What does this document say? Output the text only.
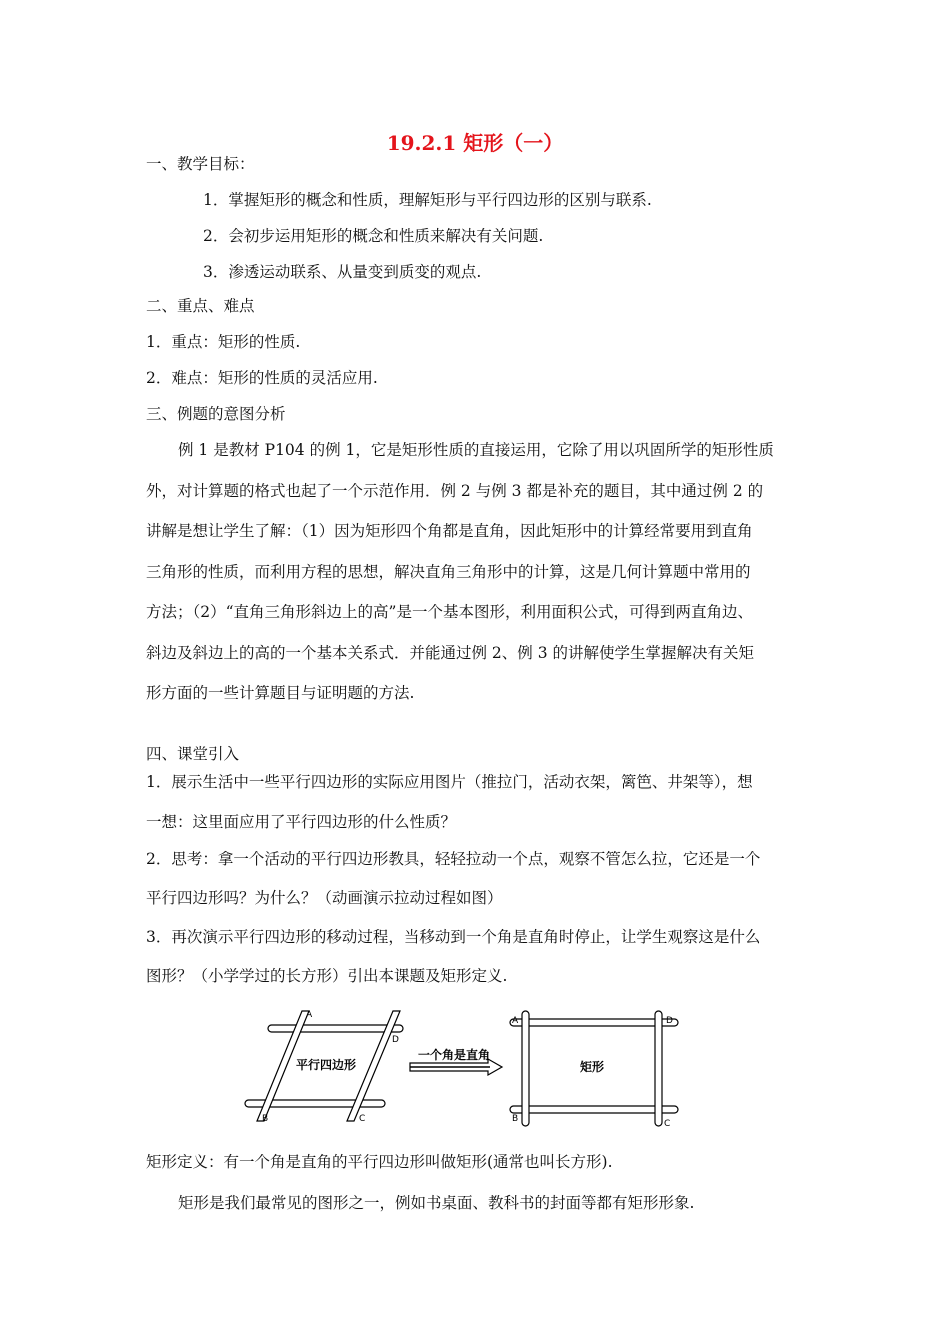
19.2.1 矩形（一）
一、教学目标：
1．掌握矩形的概念和性质，理解矩形与平行四边形的区别与联系.
2．会初步运用矩形的概念和性质来解决有关问题.
3．渗透运动联系、从量变到质变的观点.
二、重点、难点
1．重点：矩形的性质.
2．难点：矩形的性质的灵活应用.
三、例题的意图分析
例 1 是教材 P104 的例 1，它是矩形性质的直接运用，它除了用以巩固所学的矩形性质
外，对计算题的格式也起了一个示范作用．例 2 与例 3 都是补充的题目，其中通过例 2 的
讲解是想让学生了解：（1）因为矩形四个角都是直角，因此矩形中的计算经常要用到直角
三角形的性质，而利用方程的思想，解决直角三角形中的计算，这是几何计算题中常用的
方法；（2）“直角三角形斜边上的高”是一个基本图形，利用面积公式，可得到两直角边、
斜边及斜边上的高的一个基本关系式．并能通过例 2、例 3 的讲解使学生掌握解决有关矩
形方面的一些计算题目与证明题的方法.
四、课堂引入
1．展示生活中一些平行四边形的实际应用图片（推拉门，活动衣架，篱笆、井架等），想
一想：这里面应用了平行四边形的什么性质？
2．思考：拿一个活动的平行四边形教具，轻轻拉动一个点，观察不管怎么拉，它还是一个
平行四边形吗？为什么？（动画演示拉动过程如图）
3．再次演示平行四边形的移动过程，当移动到一个角是直角时停止，让学生观察这是什么
图形？（小学学过的长方形）引出本课题及矩形定义.
A
D
B	C
平行四边形
一个角是直角
A	D
B	C
矩形
矩形定义：有一个角是直角的平行四边形叫做矩形(通常也叫长方形).
矩形是我们最常见的图形之一，例如书桌面、教科书的封面等都有矩形形象.
